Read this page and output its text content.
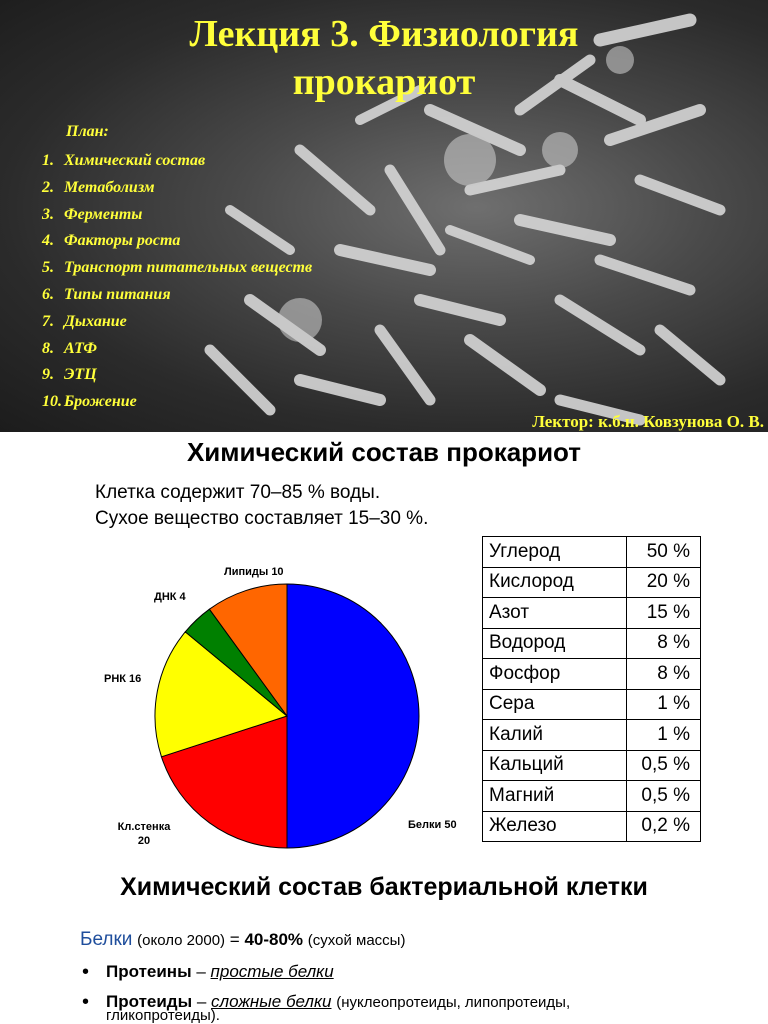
Лекция 3. Физиология
прокариот
План:
1. Химический состав
2. Метаболизм
3. Ферменты
4. Факторы роста
5. Транспорт питательных веществ
6. Типы питания
7. Дыхание
8. АТФ
9. ЭТЦ
10. Брожение
Лектор: к.б.н. Ковзунова О. В.
Химический состав прокариот
Клетка содержит 70–85 % воды.
Сухое вещество составляет 15–30 %.
Белки 50
Кл.стенка 20
РНК 16
ДНК 4
Липиды 10
Углерод	50 %
Кислород	20 %
Азот	15 %
Водород	8 %
Фосфор	8 %
Сера	1 %
Калий	1 %
Кальций	0,5 %
Магний	0,5 %
Железо	0,2 %
Химический состав бактериальной клетки
Белки (около 2000) = 40-80% (сухой массы)
• Протеины – простые белки
• Протеиды – сложные белки (нуклеопротеиды, липопротеиды,
гликопротеиды).
